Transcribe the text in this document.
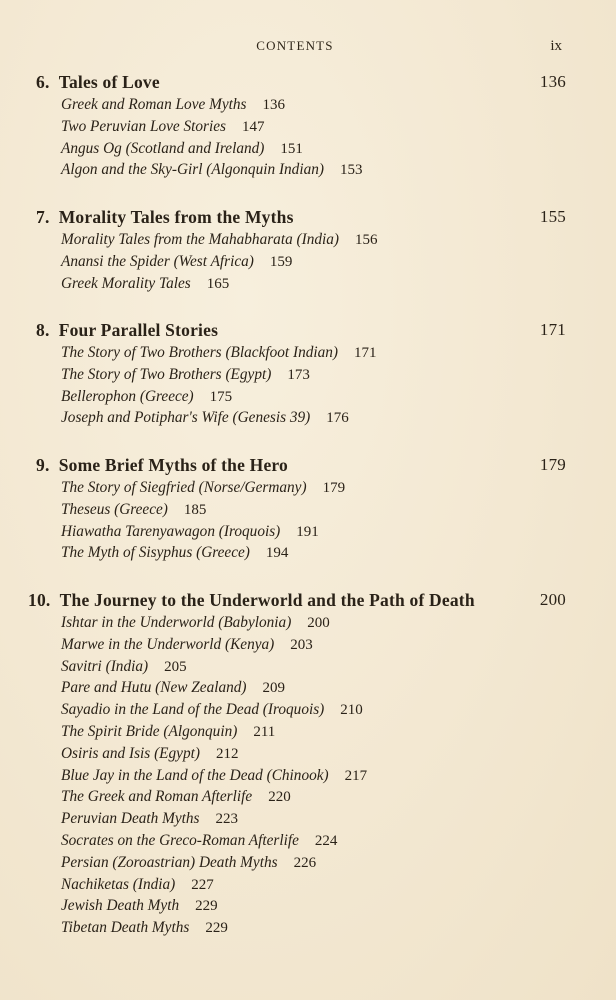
CONTENTS	ix
6.  Tales of Love	136
Greek and Roman Love Myths 136
Two Peruvian Love Stories 147
Angus Og (Scotland and Ireland) 151
Algon and the Sky-Girl (Algonquin Indian) 153
7.  Morality Tales from the Myths	155
Morality Tales from the Mahabharata (India) 156
Anansi the Spider (West Africa) 159
Greek Morality Tales 165
8.  Four Parallel Stories	171
The Story of Two Brothers (Blackfoot Indian) 171
The Story of Two Brothers (Egypt) 173
Bellerophon (Greece) 175
Joseph and Potiphar's Wife (Genesis 39) 176
9.  Some Brief Myths of the Hero	179
The Story of Siegfried (Norse/Germany) 179
Theseus (Greece) 185
Hiawatha Tarenyawagon (Iroquois) 191
The Myth of Sisyphus (Greece) 194
10.  The Journey to the Underworld and the Path of Death	200
Ishtar in the Underworld (Babylonia) 200
Marwe in the Underworld (Kenya) 203
Savitri (India) 205
Pare and Hutu (New Zealand) 209
Sayadio in the Land of the Dead (Iroquois) 210
The Spirit Bride (Algonquin) 211
Osiris and Isis (Egypt) 212
Blue Jay in the Land of the Dead (Chinook) 217
The Greek and Roman Afterlife 220
Peruvian Death Myths 223
Socrates on the Greco-Roman Afterlife 224
Persian (Zoroastrian) Death Myths 226
Nachiketas (India) 227
Jewish Death Myth 229
Tibetan Death Myths 229
